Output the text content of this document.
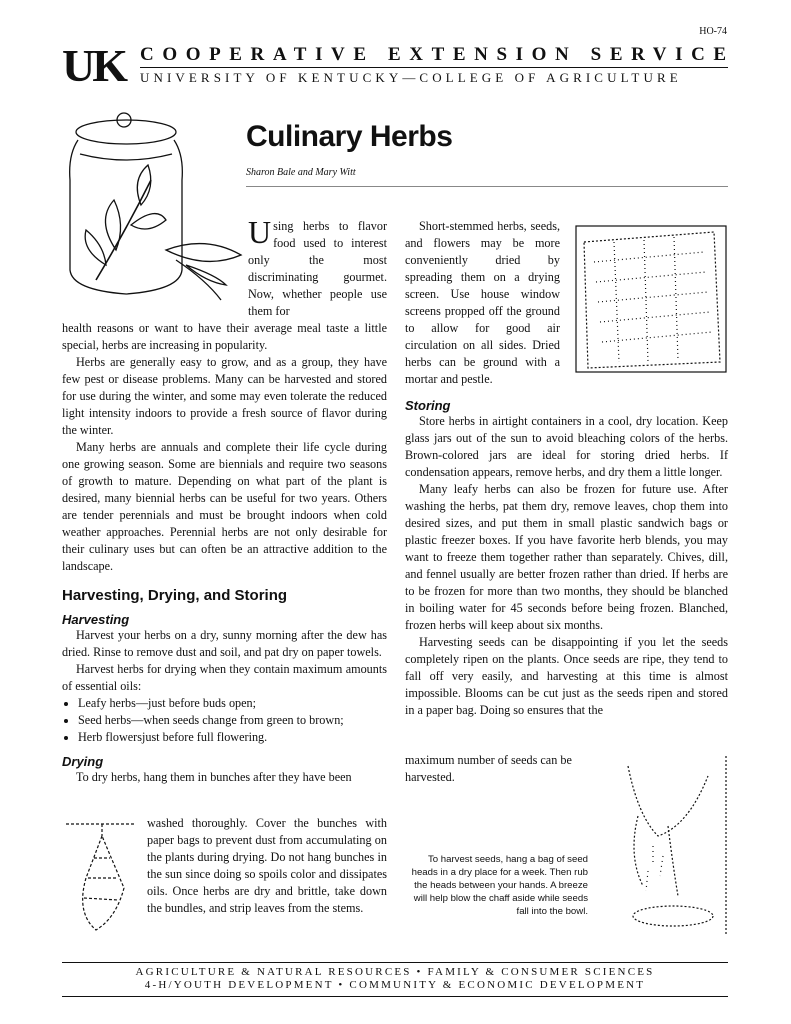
HO-74
UK COOPERATIVE EXTENSION SERVICE
UNIVERSITY OF KENTUCKY—COLLEGE OF AGRICULTURE
Culinary Herbs
Sharon Bale and Mary Witt

Using herbs to flavor food used to interest only the most discriminating gourmet. Now, whether people use them for

health reasons or want to have their average meal taste a little special, herbs are increasing in popularity.

Herbs are generally easy to grow, and as a group, they have few pest or disease problems. Many can be harvested and stored for use during the winter, and some may even tolerate the reduced light intensity indoors to provide a fresh source of flavor during the winter.

Many herbs are annuals and complete their life cycle during one growing season. Some are biennials and require two seasons of growth to mature. Depending on what part of the plant is desired, many biennial herbs can be useful for two years. Others are tender perennials and must be brought indoors when cold weather approaches. Perennial herbs are not only desirable for their culinary uses but can often be an attractive addition to the landscape.

Harvesting, Drying, and Storing
Harvesting

Harvest your herbs on a dry, sunny morning after the dew has dried. Rinse to remove dust and soil, and pat dry on paper towels.

Harvest herbs for drying when they contain maximum amounts of essential oils:

• Leafy herbs—just before buds open;
• Seed herbs—when seeds change from green to brown;
• Herb flowersjust before full flowering.
Drying

To dry herbs, hang them in bunches after they have been

washed thoroughly. Cover the bunches with paper bags to prevent dust from accumulating on the plants during drying. Do not hang bunches in the sun since doing so spoils color and dissipates oils. Once herbs are dry and brittle, take down the bundles, and strip leaves from the stems.

Short-stemmed herbs, seeds, and flowers may be more conveniently dried by spreading them on a drying screen. Use house window screens propped off the ground to allow for good air circulation on all sides. Dried herbs can be ground with a mortar and pestle.

Storing

Store herbs in airtight containers in a cool, dry location. Keep glass jars out of the sun to avoid bleaching colors of the herbs. Brown-colored jars are ideal for storing dried herbs. If condensation appears, remove herbs, and dry them a little longer.

Many leafy herbs can also be frozen for future use. After washing the herbs, pat them dry, remove leaves, chop them into desired sizes, and put them in small plastic sandwich bags or plastic freezer boxes. If you have favorite herb blends, you may want to freeze them together rather than separately. Chives, dill, and fennel usually are better frozen rather than dried. If herbs are to be frozen for more than two months, they should be blanched in boiling water for 45 seconds before being frozen. Blanched, frozen herbs will keep about six months.

Harvesting seeds can be disappointing if you let the seeds completely ripen on the plants. Once seeds are ripe, they tend to fall off very easily, and harvesting at this time is almost impossible. Blooms can be cut just as the seeds ripen and stored in a paper bag. Doing so ensures that the

maximum number of seeds can be harvested.

To harvest seeds, hang a bag of seed heads in a dry place for a week. Then rub the heads between your hands. A breeze will help blow the chaff aside while seeds fall into the bowl.
AGRICULTURE & NATURAL RESOURCES • FAMILY & CONSUMER SCIENCES
4-H/YOUTH DEVELOPMENT • COMMUNITY & ECONOMIC DEVELOPMENT
